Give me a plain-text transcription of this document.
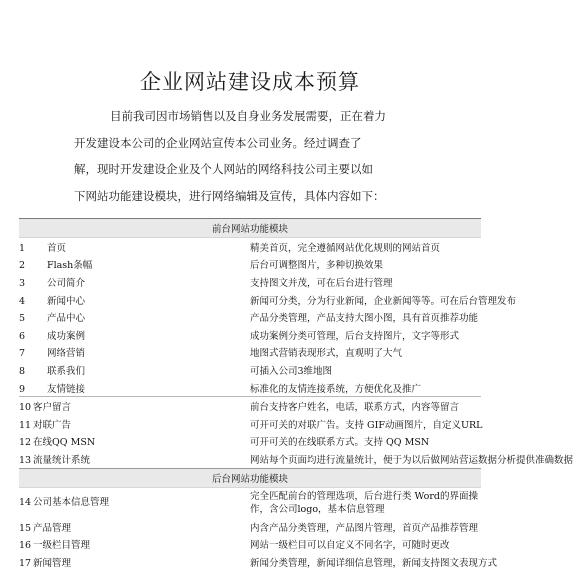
企业网站建设成本预算
目前我司因市场销售以及自身业务发展需要，正在着力
开发建设本公司的企业网站宣传本公司业务。经过调查了
解，现时开发建设企业及个人网站的网络科技公司主要以如
下网站功能建设模块，进行网络编辑及宣传，具体内容如下：
前台网站功能模块	
1 首页	精美首页，完全遵循网站优化规则的网站首页
2 Flash条幅	后台可调整图片，多种切换效果
3 公司简介	支持图文并茂，可在后台进行管理
4 新闻中心	新闻可分类，分为行业新闻，企业新闻等等。可在后台管理发布
5 产品中心	产品分类管理，产品支持大图小图，具有首页推荐功能
6 成功案例	成功案例分类可管理，后台支持图片，文字等形式
7 网络营销	地图式营销表现形式，直观明了大气
8 联系我们	可插入公司3维地图
9 友情链接	标准化的友情连接系统，方便优化及推广
10 客户留言	前台支持客户姓名，电话，联系方式，内容等留言
11 对联广告	可开可关的对联广告。支持 GIF动画图片，自定义URL
12 在线QQ MSN	可开可关的在线联系方式。支持 QQ MSN
13 流量统计系统	网站每个页面均进行流量统计，便于为以后做网站营运数据分析提供准确数据
后台网站功能模块	
14 公司基本信息管理	完全匹配前台的管理选项，后台进行类 Word的界面操作，含公司logo，基本信息管理
15 产品管理	内含产品分类管理，产品图片管理，首页产品推荐管理
16 一级栏目管理	网站一级栏目可以自定义不同名字，可随时更改
17 新闻管理	新闻分类管理，新闻详细信息管理，新闻支持图文表现方式
